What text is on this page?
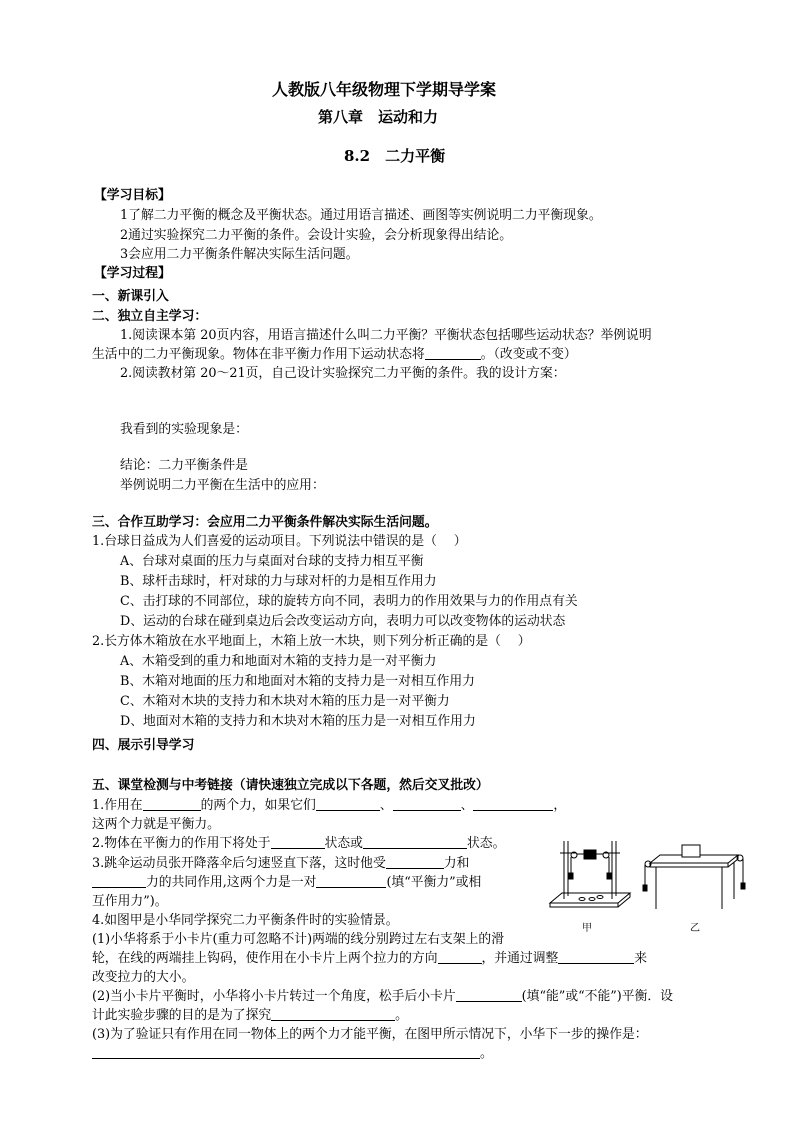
人教版八年级物理下学期导学案
第八章　运动和力
8.2　二力平衡
【学习目标】
1了解二力平衡的概念及平衡状态。通过用语言描述、画图等实例说明二力平衡现象。
2通过实验探究二力平衡的条件。会设计实验，会分析现象得出结论。
3会应用二力平衡条件解决实际生活问题。
【学习过程】
一、新课引入
二、独立自主学习：
1.阅读课本第 20页内容，用语言描述什么叫二力平衡？平衡状态包括哪些运动状态？举例说明
生活中的二力平衡现象。物体在非平衡力作用下运动状态将	。（改变或不变）
2.阅读教材第 20～21页，自己设计实验探究二力平衡的条件。我的设计方案：
我看到的实验现象是：
结论：二力平衡条件是
举例说明二力平衡在生活中的应用：
三、合作互助学习：会应用二力平衡条件解决实际生活问题。
1.台球日益成为人们喜爱的运动项目。下列说法中错误的是（　 ）
A、台球对桌面的压力与桌面对台球的支持力相互平衡
B、球杆击球时，杆对球的力与球对杆的力是相互作用力
C、击打球的不同部位，球的旋转方向不同，表明力的作用效果与力的作用点有关
D、运动的台球在碰到桌边后会改变运动方向，表明力可以改变物体的运动状态
2.长方体木箱放在水平地面上，木箱上放一木块，则下列分析正确的是（　 ）
A、木箱受到的重力和地面对木箱的支持力是一对平衡力
B、木箱对地面的压力和地面对木箱的支持力是一对相互作用力
C、木箱对木块的支持力和木块对木箱的压力是一对平衡力
D、地面对木箱的支持力和木块对木箱的压力是一对相互作用力
四、展示引导学习
五、课堂检测与中考链接（请快速独立完成以下各题，然后交叉批改）
1.作用在	的两个力，如果它们	、	、	，
这两个力就是平衡力。
2.物体在平衡力的作用下将处于	状态或	状态。
3.跳伞运动员张开降落伞后匀速竖直下落，这时他受	力和
力的共同作用,这两个力是一对	(填“平衡力”或相
互作用力”)。
4.如图甲是小华同学探究二力平衡条件时的实验情景。
(1)小华将系于小卡片(重力可忽略不计)两端的线分别跨过左右支架上的滑
轮，在线的两端挂上钩码，使作用在小卡片上两个拉力的方向	，并通过调整	来
改变拉力的大小。
(2)当小卡片平衡时，小华将小卡片转过一个角度，松手后小卡片	(填“能”或“不能”)平衡．设
计此实验步骤的目的是为了探究	。
(3)为了验证只有作用在同一物体上的两个力才能平衡，在图甲所示情况下，小华下一步的操作是：
。
甲	乙
